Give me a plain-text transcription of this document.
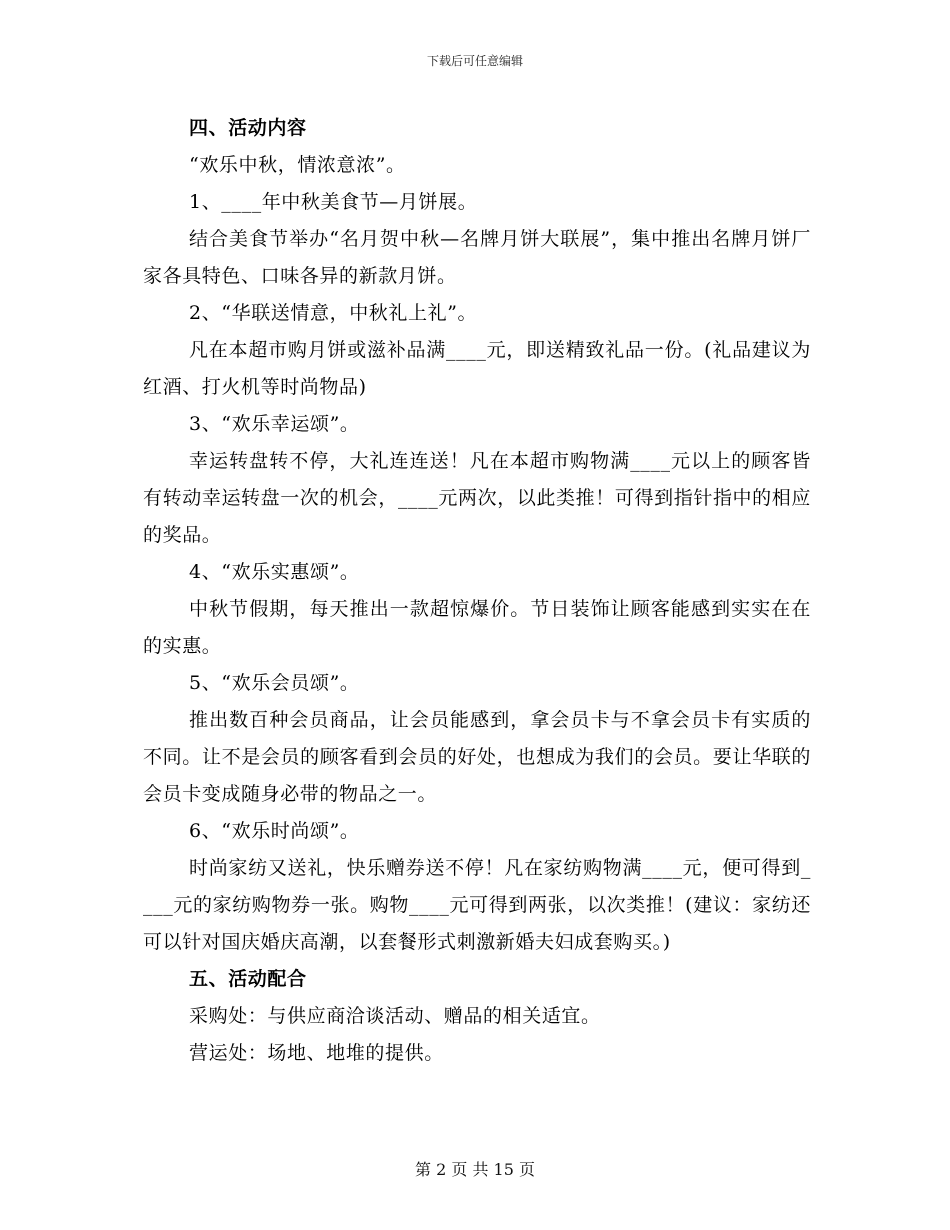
下载后可任意编辑

四、活动内容

“欢乐中秋，情浓意浓”。

1、____年中秋美食节—月饼展。

结合美食节举办“名月贺中秋—名牌月饼大联展”，集中推出名牌月饼厂家各具特色、口味各异的新款月饼。

2、“华联送情意，中秋礼上礼”。

凡在本超市购月饼或滋补品满____元，即送精致礼品一份。(礼品建议为红酒、打火机等时尚物品)

3、“欢乐幸运颂”。

幸运转盘转不停，大礼连连送！凡在本超市购物满____元以上的顾客皆有转动幸运转盘一次的机会，____元两次，以此类推！可得到指针指中的相应的奖品。

4、“欢乐实惠颂”。

中秋节假期，每天推出一款超惊爆价。节日装饰让顾客能感到实实在在的实惠。

5、“欢乐会员颂”。

推出数百种会员商品，让会员能感到，拿会员卡与不拿会员卡有实质的不同。让不是会员的顾客看到会员的好处，也想成为我们的会员。要让华联的会员卡变成随身必带的物品之一。

6、“欢乐时尚颂”。

时尚家纺又送礼，快乐赠券送不停！凡在家纺购物满____元，便可得到____元的家纺购物券一张。购物____元可得到两张，以次类推！(建议：家纺还可以针对国庆婚庆高潮，以套餐形式刺激新婚夫妇成套购买。)

五、活动配合

采购处：与供应商洽谈活动、赠品的相关适宜。

营运处：场地、地堆的提供。

第 2 页 共 15 页
